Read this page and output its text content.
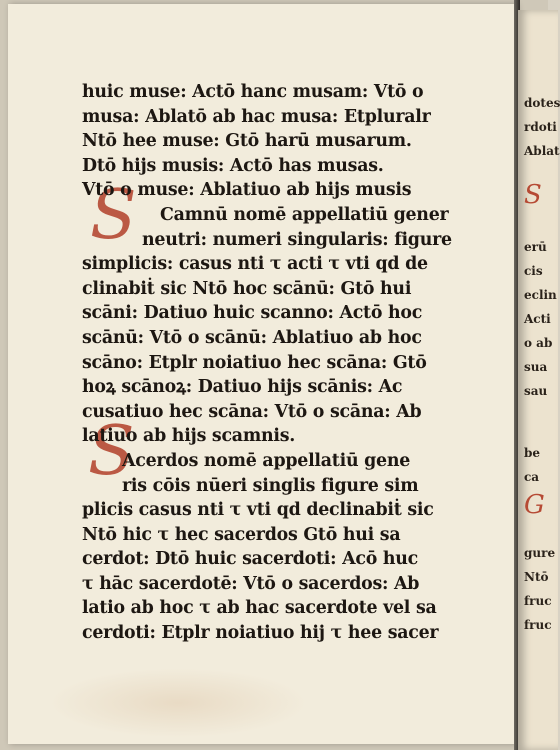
dotes
rdoti
Ablat
S
erū
cis
eclin
Acti
o ab
sua
sau
be
ca
G
gure
Ntō
fruc
fruc
S
S
huic muse: Actō hanc musam: Vtō o
musa: Ablatō ab hac musa: Etpluralr
Ntō hee muse: Gtō harū musarum.
Dtō hijs musis: Actō has musas.
Vtō o muse: Ablatiuo ab hijs musis
Camnū nomē appellatiū gener
neutri: numeri singularis: figure
simplicis: casus nti τ acti τ vti qd de
clinabiṫ sic Ntō hoc scānū: Gtō hui
scāni: Datiuo huic scanno: Actō hoc
scānū: Vtō o scānū: Ablatiuo ab hoc
scāno: Etplr noiatiuo hec scāna: Gtō
hoꝝ scānoꝝ: Datiuo hijs scānis: Ac
cusatiuo hec scāna: Vtō o scāna: Ab
latiuo ab hijs scamnis.
Acerdos nomē appellatiū gene
ris cōis nūeri singlis figure sim
plicis casus nti τ vti qd declinabiṫ sic
Ntō hic τ hec sacerdos Gtō hui sa
cerdot: Dtō huic sacerdoti: Acō huc
τ hāc sacerdotē: Vtō o sacerdos: Ab
latio ab hoc τ ab hac sacerdote vel sa
cerdoti: Etplr noiatiuo hij τ hee sacer
